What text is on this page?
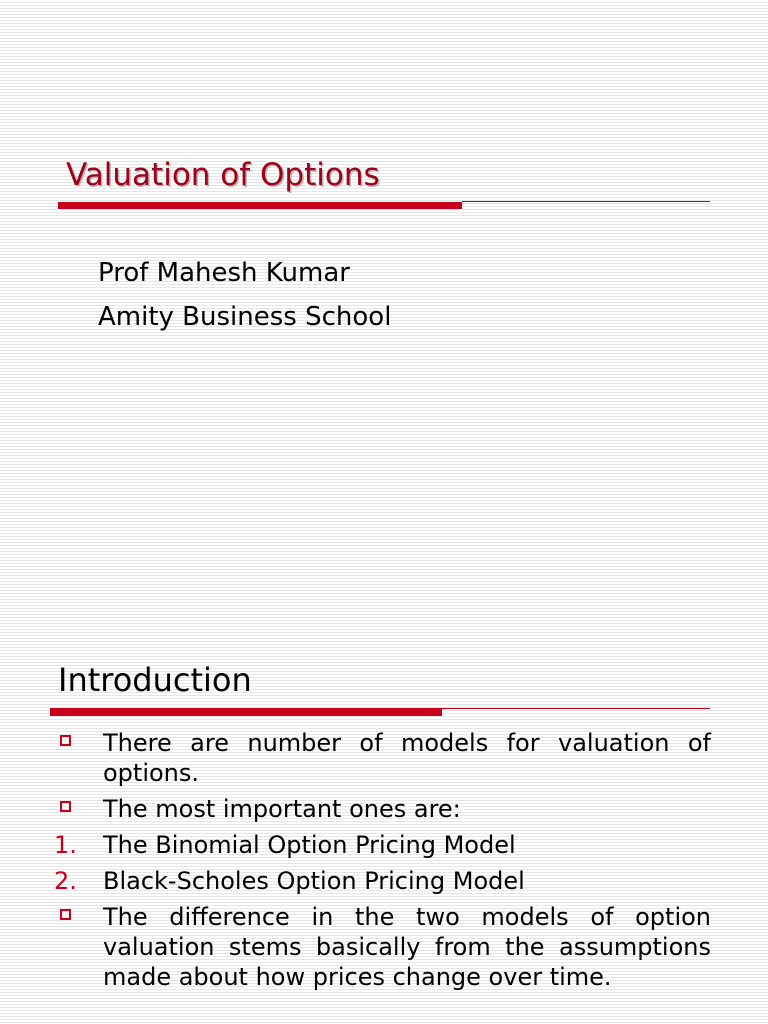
Valuation of Options

Prof Mahesh Kumar

Amity Business School

Introduction
There are number of models for valuation of options.
The most important ones are:
1. The Binomial Option Pricing Model
2. Black-Scholes Option Pricing Model
The difference in the two models of option valuation stems basically from the assumptions made about how prices change over time.
